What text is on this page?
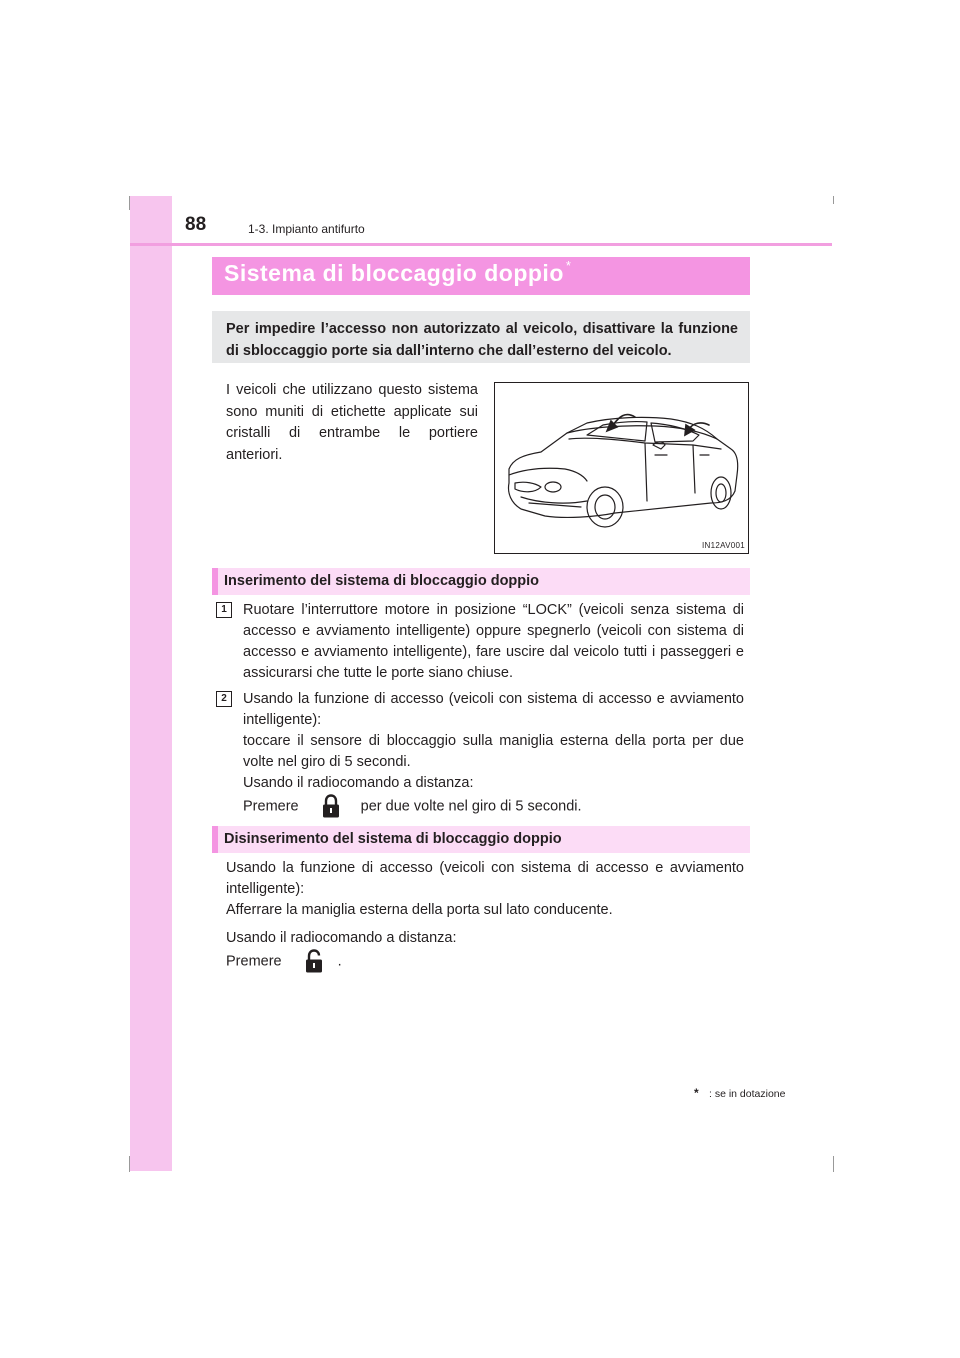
88	1-3. Impianto antifurto
Sistema di bloccaggio doppio *
Per impedire l’accesso non autorizzato al veicolo, disattivare la funzione di sbloccaggio porte sia dall’interno che dall’esterno del veicolo.
I veicoli che utilizzano questo sistema sono muniti di etichette applicate sui cristalli di entrambe le portiere anteriori.
IN12AV001
Inserimento del sistema di bloccaggio doppio
1	Ruotare l’interruttore motore in posizione “LOCK” (veicoli senza sistema di accesso e avviamento intelligente) oppure spegnerlo (veicoli con sistema di accesso e avviamento intelligente), fare uscire dal veicolo tutti i passeggeri e assicurarsi che tutte le porte siano chiuse.
2	Usando la funzione di accesso (veicoli con sistema di accesso e avviamento intelligente):
toccare il sensore di bloccaggio sulla maniglia esterna della porta per due volte nel giro di 5 secondi.
Usando il radiocomando a distanza:
Premere	per due volte nel giro di 5 secondi.
Disinserimento del sistema di bloccaggio doppio
Usando la funzione di accesso (veicoli con sistema di accesso e avviamento intelligente):
Afferrare la maniglia esterna della porta sul lato conducente.
Usando il radiocomando a distanza:
Premere	.
* : se in dotazione
